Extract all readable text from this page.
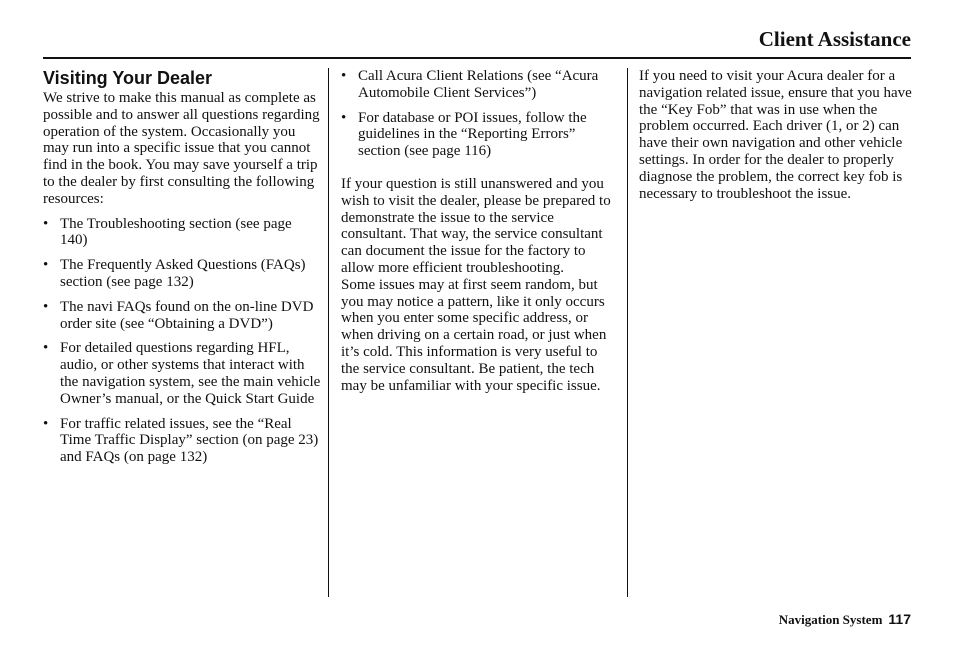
Client Assistance
Visiting Your Dealer

We strive to make this manual as complete as possible and to answer all questions regarding operation of the system. Occasionally you may run into a specific issue that you cannot find in the book. You may save yourself a trip to the dealer by first consulting the following resources:

• The Troubleshooting section (see page 140)
• The Frequently Asked Questions (FAQs) section (see page 132)
• The navi FAQs found on the on-line DVD order site (see “Obtaining a DVD”)
• For detailed questions regarding HFL, audio, or other systems that interact with the navigation system, see the main vehicle Owner’s manual, or the Quick Start Guide
• For traffic related issues, see the “Real Time Traffic Display” section (on page 23) and FAQs (on page 132)
• Call Acura Client Relations (see “Acura Automobile Client Services”)
• For database or POI issues, follow the guidelines in the “Reporting Errors” section (see page 116)

If your question is still unanswered and you wish to visit the dealer, please be prepared to demonstrate the issue to the service consultant. That way, the service consultant can document the issue for the factory to allow more efficient troubleshooting.

Some issues may at first seem random, but you may notice a pattern, like it only occurs when you enter some specific address, or when driving on a certain road, or just when it’s cold. This information is very useful to the service consultant. Be patient, the tech may be unfamiliar with your specific issue.

If you need to visit your Acura dealer for a navigation related issue, ensure that you have the “Key Fob” that was in use when the problem occurred. Each driver (1, or 2) can have their own navigation and other vehicle settings. In order for the dealer to properly diagnose the problem, the correct key fob is necessary to troubleshoot the issue.

Navigation System 117
